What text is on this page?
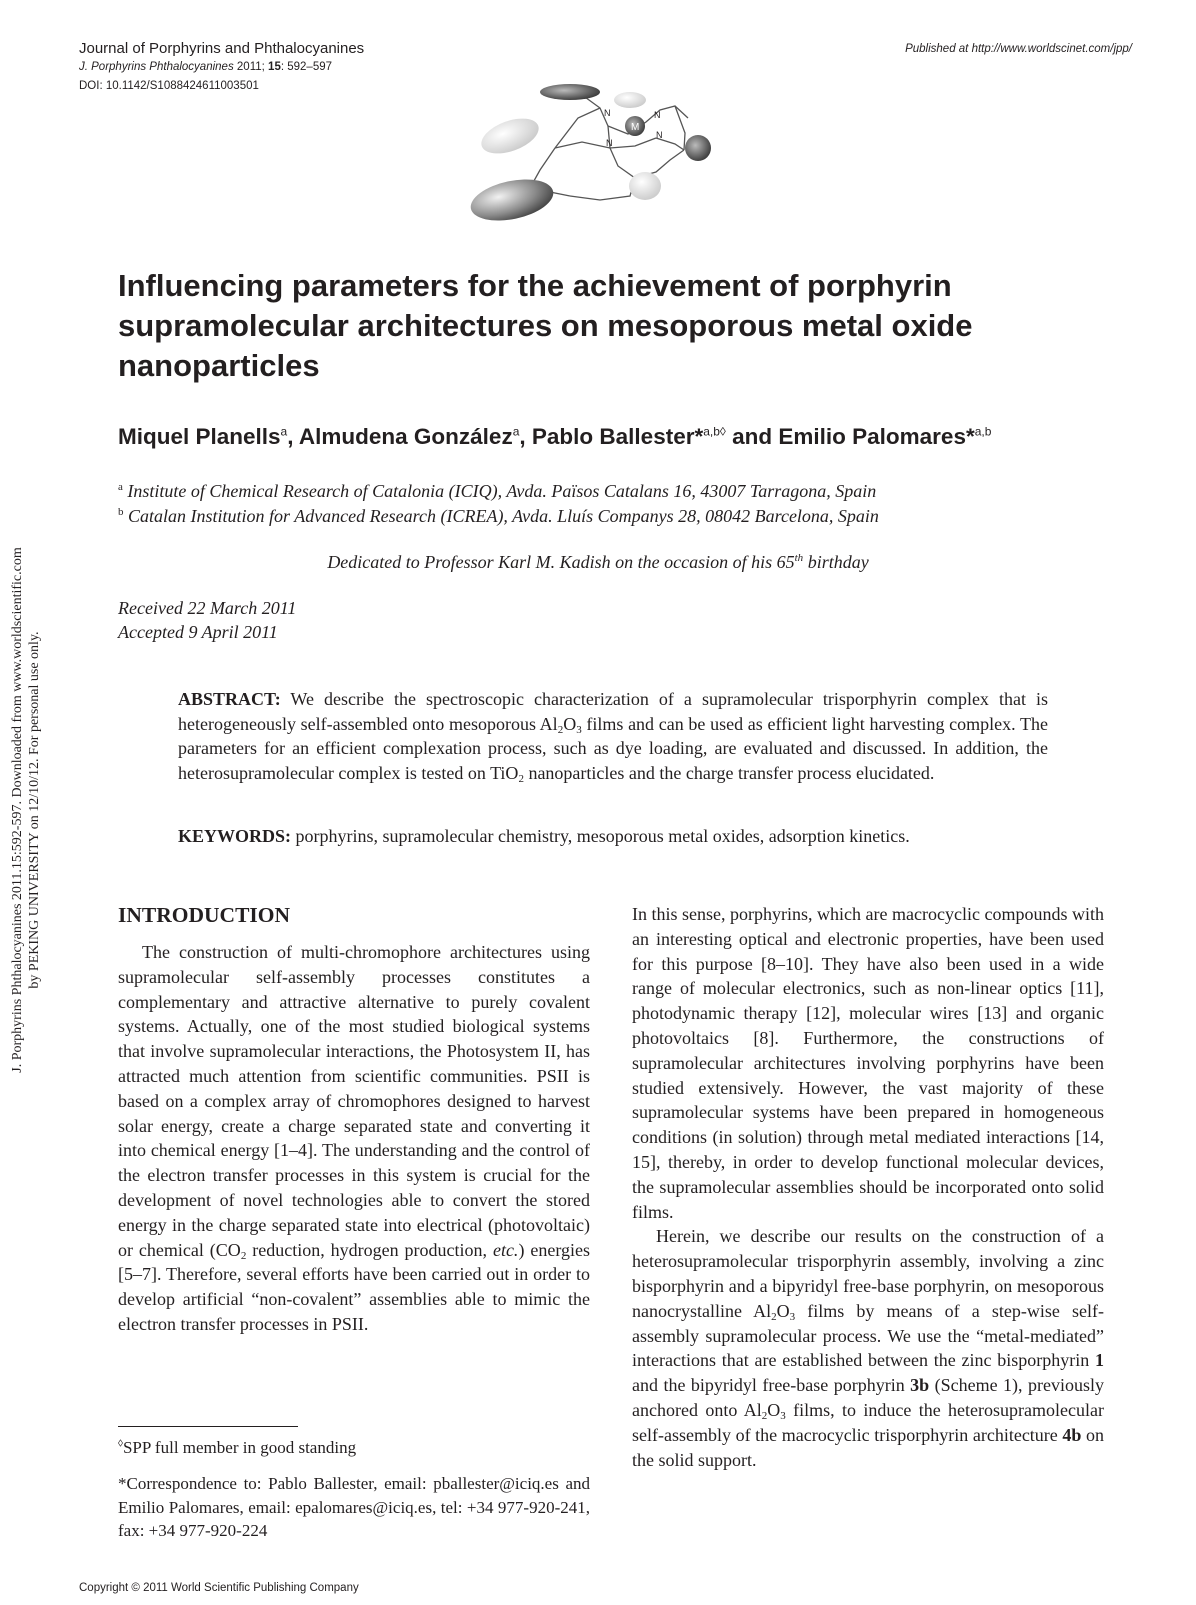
Journal of Porphyrins and Phthalocyanines
J. Porphyrins Phthalocyanines 2011; 15: 592–597
DOI: 10.1142/S1088424611003501
Published at http://www.worldscinet.com/jpp/
M
N	N
N
N
Influencing parameters for the achievement of porphyrin supramolecular architectures on mesoporous metal oxide nanoparticles
Miquel Planells$^a$, Almudena González$^a$, Pablo Ballester*$^{a,b◊}$ and Emilio Palomares*$^{a,b}$
$^a$ Institute of Chemical Research of Catalonia (ICIQ), Avda. Països Catalans 16, 43007 Tarragona, Spain
$^b$ Catalan Institution for Advanced Research (ICREA), Avda. Lluís Companys 28, 08042 Barcelona, Spain
Dedicated to Professor Karl M. Kadish on the occasion of his 65th birthday
Received 22 March 2011
Accepted 9 April 2011
ABSTRACT: We describe the spectroscopic characterization of a supramolecular trisporphyrin complex that is heterogeneously self-assembled onto mesoporous $Al_2O_3$ films and can be used as efficient light harvesting complex. The parameters for an efficient complexation process, such as dye loading, are evaluated and discussed. In addition, the heterosupramolecular complex is tested on TiO$_2$ nanoparticles and the charge transfer process elucidated.
KEYWORDS: porphyrins, supramolecular chemistry, mesoporous metal oxides, adsorption kinetics.
INTRODUCTION

The construction of multi-chromophore architectures using supramolecular self-assembly processes constitutes a complementary and attractive alternative to purely covalent systems. Actually, one of the most studied biological systems that involve supramolecular interactions, the Photosystem II, has attracted much attention from scientific communities. PSII is based on a complex array of chromophores designed to harvest solar energy, create a charge separated state and converting it into chemical energy [1–4]. The understanding and the control of the electron transfer processes in this system is crucial for the development of novel technologies able to convert the stored energy in the charge separated state into electrical (photovoltaic) or chemical ($CO_2$ reduction, hydrogen production, etc.) energies [5–7]. Therefore, several efforts have been carried out in order to develop artificial “non-covalent” assemblies able to mimic the electron transfer processes in PSII.

In this sense, porphyrins, which are macrocyclic compounds with an interesting optical and electronic properties, have been used for this purpose [8–10]. They have also been used in a wide range of molecular electronics, such as non-linear optics [11], photodynamic therapy [12], molecular wires [13] and organic photovoltaics [8]. Furthermore, the constructions of supramolecular architectures involving porphyrins have been studied extensively. However, the vast majority of these supramolecular systems have been prepared in homogeneous conditions (in solution) through metal mediated interactions [14, 15], thereby, in order to develop functional molecular devices, the supramolecular assemblies should be incorporated onto solid films.

Herein, we describe our results on the construction of a heterosupramolecular trisporphyrin assembly, involving a zinc bisporphyrin and a bipyridyl free-base porphyrin, on mesoporous nanocrystalline $Al_2O_3$ films by means of a step-wise self-assembly supramolecular process. We use the “metal-mediated” interactions that are established between the zinc bisporphyrin 1 and the bipyridyl free-base porphyrin 3b (Scheme 1), previously anchored onto $Al_2O_3$ films, to induce the heterosupramolecular self-assembly of the macrocyclic trisporphyrin architecture 4b on the solid support.

◊SPP full member in good standing
*Correspondence to: Pablo Ballester, email: pballester@iciq.es and Emilio Palomares, email: epalomares@iciq.es, tel: +34 977-920-241, fax: +34 977-920-224
Copyright © 2011 World Scientific Publishing Company
J. Porphyrins Phthalocyanines 2011.15:592-597. Downloaded from www.worldscientific.com by PEKING UNIVERSITY on 12/10/12. For personal use only.
